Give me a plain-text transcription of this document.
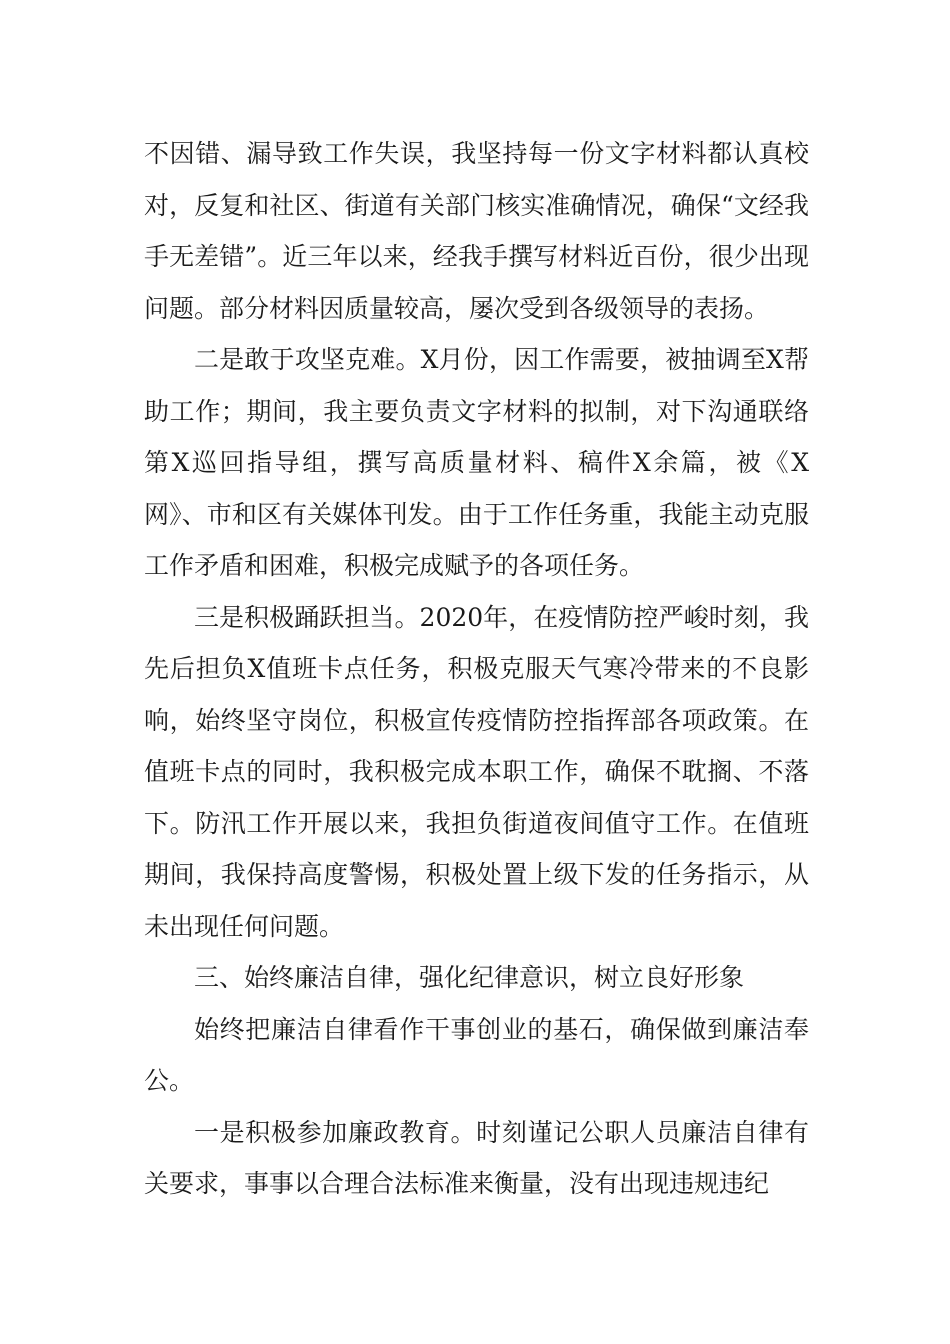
不因错、漏导致工作失误，我坚持每一份文字材料都认真校对，反复和社区、街道有关部门核实准确情况，确保“文经我手无差错”。近三年以来，经我手撰写材料近百份，很少出现问题。部分材料因质量较高，屡次受到各级领导的表扬。

二是敢于攻坚克难。X月份，因工作需要，被抽调至X帮助工作；期间，我主要负责文字材料的拟制，对下沟通联络第X巡回指导组，撰写高质量材料、稿件X余篇，被《X网》、市和区有关媒体刊发。由于工作任务重，我能主动克服工作矛盾和困难，积极完成赋予的各项任务。

三是积极踊跃担当。2020年，在疫情防控严峻时刻，我先后担负X值班卡点任务，积极克服天气寒冷带来的不良影响，始终坚守岗位，积极宣传疫情防控指挥部各项政策。在值班卡点的同时，我积极完成本职工作，确保不耽搁、不落下。防汛工作开展以来，我担负街道夜间值守工作。在值班期间，我保持高度警惕，积极处置上级下发的任务指示，从未出现任何问题。

三、始终廉洁自律，强化纪律意识，树立良好形象

始终把廉洁自律看作干事创业的基石，确保做到廉洁奉公。

一是积极参加廉政教育。时刻谨记公职人员廉洁自律有关要求，事事以合理合法标准来衡量，没有出现违规违纪
